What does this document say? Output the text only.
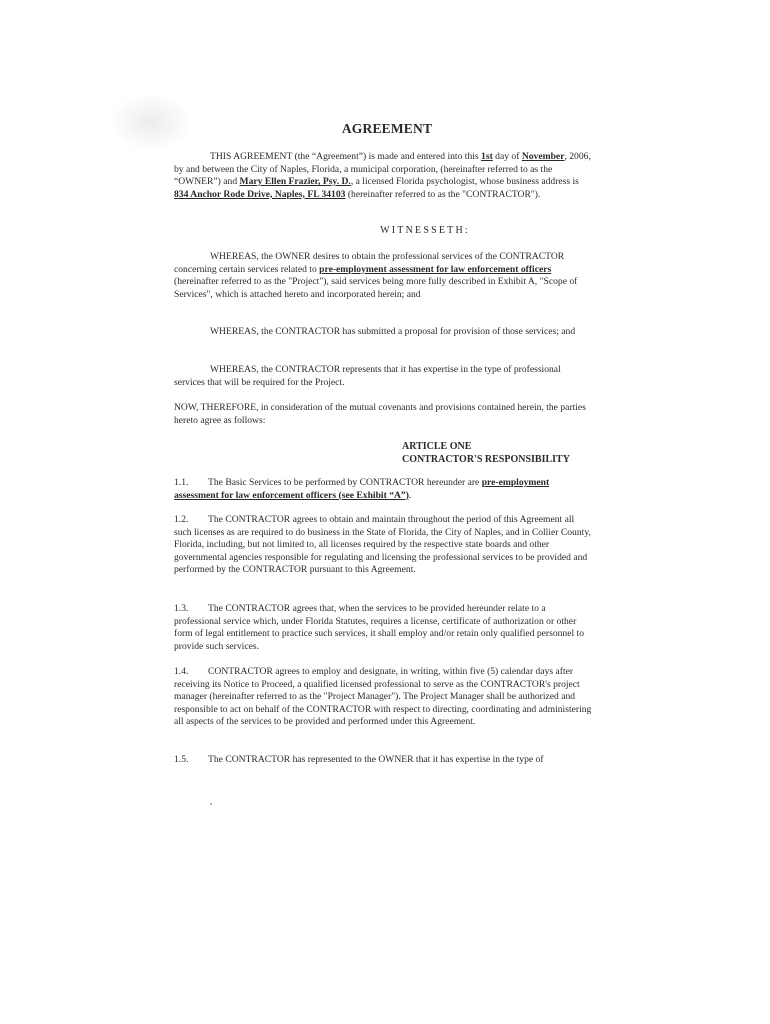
AGREEMENT

THIS AGREEMENT (the “Agreement”) is made and entered into this 1st day of November, 2006, by and between the City of Naples, Florida, a municipal corporation, (hereinafter referred to as the “OWNER”) and Mary Ellen Frazier, Psy. D., a licensed Florida psychologist, whose business address is 834 Anchor Rode Drive, Naples, FL 34103 (hereinafter referred to as the "CONTRACTOR").

WITNESSETH:

WHEREAS, the OWNER desires to obtain the professional services of the CONTRACTOR concerning certain services related to pre-employment assessment for law enforcement officers (hereinafter referred to as the "Project"), said services being more fully described in Exhibit A, "Scope of Services", which is attached hereto and incorporated herein; and

WHEREAS, the CONTRACTOR has submitted a proposal for provision of those services; and

WHEREAS, the CONTRACTOR represents that it has expertise in the type of professional services that will be required for the Project.

NOW, THEREFORE, in consideration of the mutual covenants and provisions contained herein, the parties hereto agree as follows:

ARTICLE ONE
CONTRACTOR'S RESPONSIBILITY

1.1. The Basic Services to be performed by CONTRACTOR hereunder are pre-employment assessment for law enforcement officers (see Exhibit “A”).

1.2. The CONTRACTOR agrees to obtain and maintain throughout the period of this Agreement all such licenses as are required to do business in the State of Florida, the City of Naples, and in Collier County, Florida, including, but not limited to, all licenses required by the respective state boards and other governmental agencies responsible for regulating and licensing the professional services to be provided and performed by the CONTRACTOR pursuant to this Agreement.

1.3. The CONTRACTOR agrees that, when the services to be provided hereunder relate to a professional service which, under Florida Statutes, requires a license, certificate of authorization or other form of legal entitlement to practice such services, it shall employ and/or retain only qualified personnel to provide such services.

1.4. CONTRACTOR agrees to employ and designate, in writing, within five (5) calendar days after receiving its Notice to Proceed, a qualified licensed professional to serve as the CONTRACTOR's project manager (hereinafter referred to as the "Project Manager"). The Project Manager shall be authorized and responsible to act on behalf of the CONTRACTOR with respect to directing, coordinating and administering all aspects of the services to be provided and performed under this Agreement.

1.5. The CONTRACTOR has represented to the OWNER that it has expertise in the type of
